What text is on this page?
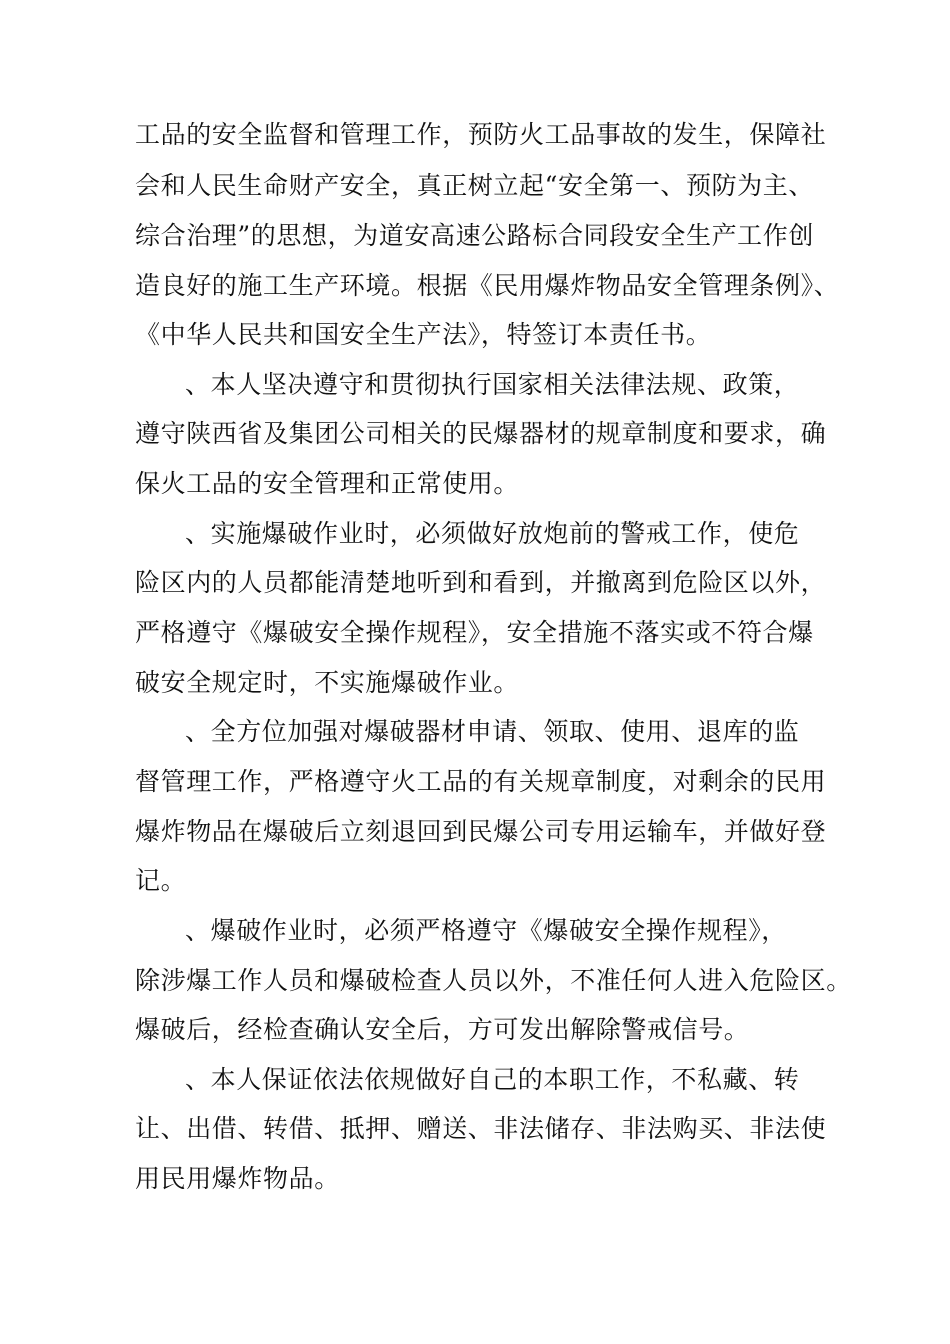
工品的安全监督和管理工作，预防火工品事故的发生，保障社
会和人民生命财产安全，真正树立起“安全第一、预防为主、
综合治理”的思想，为道安高速公路标合同段安全生产工作创
造良好的施工生产环境。根据《民用爆炸物品安全管理条例》、
《中华人民共和国安全生产法》，特签订本责任书。
、本人坚决遵守和贯彻执行国家相关法律法规、政策，
遵守陕西省及集团公司相关的民爆器材的规章制度和要求，确
保火工品的安全管理和正常使用。
、实施爆破作业时，必须做好放炮前的警戒工作，使危
险区内的人员都能清楚地听到和看到，并撤离到危险区以外，
严格遵守《爆破安全操作规程》，安全措施不落实或不符合爆
破安全规定时，不实施爆破作业。
、全方位加强对爆破器材申请、领取、使用、退库的监
督管理工作，严格遵守火工品的有关规章制度，对剩余的民用
爆炸物品在爆破后立刻退回到民爆公司专用运输车，并做好登
记。
、爆破作业时，必须严格遵守《爆破安全操作规程》，
除涉爆工作人员和爆破检查人员以外，不准任何人进入危险区。
爆破后，经检查确认安全后，方可发出解除警戒信号。
、本人保证依法依规做好自己的本职工作，不私藏、转
让、出借、转借、抵押、赠送、非法储存、非法购买、非法使
用民用爆炸物品。
